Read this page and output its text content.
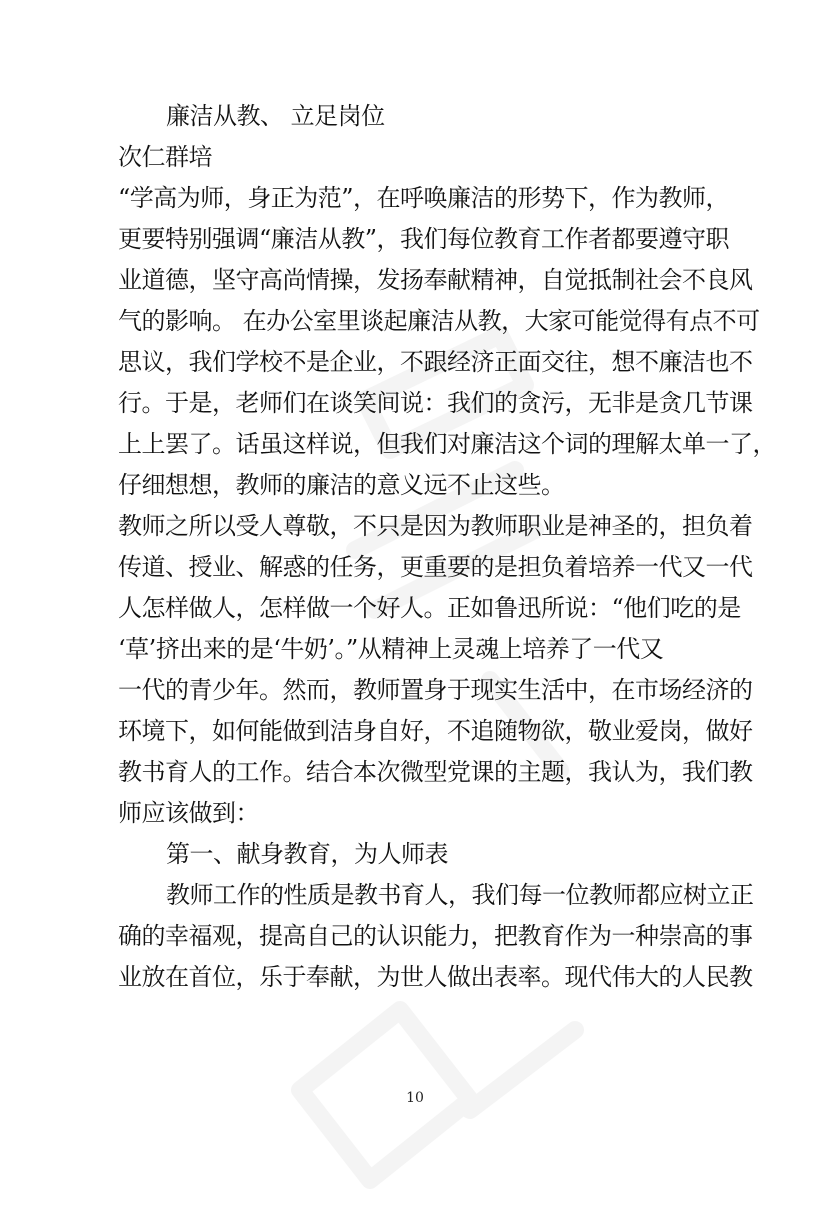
廉洁从教、 立足岗位
次仁群培
“学高为师，身正为范”，在呼唤廉洁的形势下，作为教师，
更要特别强调“廉洁从教”，我们每位教育工作者都要遵守职
业道德，坚守高尚情操，发扬奉献精神，自觉抵制社会不良风
气的影响。 在办公室里谈起廉洁从教，大家可能觉得有点不可
思议，我们学校不是企业，不跟经济正面交往，想不廉洁也不
行。于是，老师们在谈笑间说：我们的贪污，无非是贪几节课
上上罢了。话虽这样说，但我们对廉洁这个词的理解太单一了，
仔细想想，教师的廉洁的意义远不止这些。
教师之所以受人尊敬，不只是因为教师职业是神圣的，担负着
传道、授业、解惑的任务，更重要的是担负着培养一代又一代
人怎样做人，怎样做一个好人。正如鲁迅所说：“他们吃的是
‘草’挤出来的是‘牛奶’。”从精神上灵魂上培养了一代又
一代的青少年。然而，教师置身于现实生活中，在市场经济的
环境下，如何能做到洁身自好，不追随物欲，敬业爱岗，做好
教书育人的工作。结合本次微型党课的主题，我认为，我们教
师应该做到：
第一、献身教育，为人师表
教师工作的性质是教书育人，我们每一位教师都应树立正
确的幸福观，提高自己的认识能力，把教育作为一种崇高的事
业放在首位，乐于奉献，为世人做出表率。现代伟大的人民教
10
